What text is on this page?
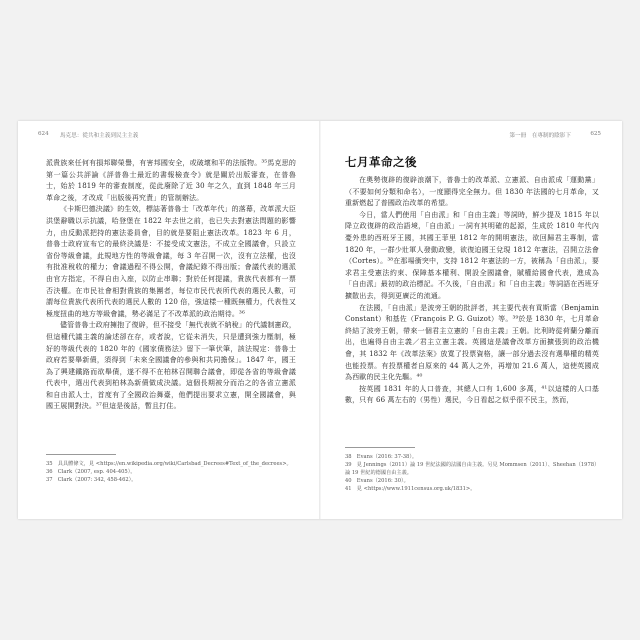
624 馬克思：從共和主義到民主主義

派貴族來任何有損邦聯榮譽，有害邦國安全，或破壞和平的法版物。³⁵馬克思的第一篇公共評論《評普魯士最近的書報檢查令》就是關於出版審查，在普魯士，始於 1819 年的審查制度，從此廢除了近 30 年之久，直到 1848 年三月革命之後，才改成「出版後再究責」的管制辦法。

《卡斯巴德決議》的生效，標誌著普魯士「改革年代」的落幕，改革派大臣洪堡辭職以示抗議，哈登堡在 1822 年去世之前，也已失去對憲法問題的影響力，由反動派把持的憲法委員會，目的就是要阻止憲法改革。1823 年 6 月，普魯士政府宣布它的最終決議是：不接受成文憲法，不成立全國議會，只設立省份等級會議，此規地方性的等級會議，每 3 年召開一次，沒有立法權，也沒有批准稅收的權力；會議過程不得公開，會議紀錄不得出版；會議代表的選派由官方指定，不得自由入座，以防止串聯；對於任何提議，貴族代表都有一票否決權。在市民社會相對貴族的集團者，每位市民代表所代表的選民人數，可謂每位貴族代表所代表的選民人數的 120 倍，強這樣一種既無權力，代表性又極度扭曲的地方等級會議，勢必滿足了不改革派的政治期待。³⁶

儘管普魯士政府擁抱了復辟，但不接受「無代表就不納稅」的代議制憲政，但這種代議主義的論述卻在存，或者說，它從未消失，只是遭到強力壓制，極好的等級代表的 1820 年的《國家債務法》留下一筆伏筆，該法規定：普魯士政府若要舉新債，須得到「未來全國議會的參與和共同擔保」。1847 年，國王為了興建鐵路而欲舉債，遂不得不在柏林召開聯合議會，即從各省的等級會議代表中，選出代表到柏林為新債做成決議。這個長期被分而治之的各省立憲派和自由派人士，首度有了全國政治舞臺，他們提出要求立憲，開全國議會，與國王展開對決。³⁷但這是後話，暫且打住。

35　具具體條文，見 <https://en.wikipedia.org/wiki/Carlsbad_Decrees#Text_of_the_decrees>。

36　Clark（2007, esp. 404-405）。

37　Clark（2007: 342, 458-462）。

第一冊　在專制的陰影下	625
七月革命之後

在奧勢復辟的復辟浪潮下，普魯士的改革派、立憲派、自由派成「運動黨」（不要如何分類和命名），一度顯得完全無力。但 1830 年法國的七月革命，又重新燃起了普國政治改革的希望。

今日，當人們使用「自由派」和「自由主義」等詞時，鮮少提及 1815 年以降立政復辟的政治語境，「自由派」一詞有其明確的起源，生成於 1810 年代內憂外患的西班牙王國，其國王菲里 1812 年的開明憲法，欲回歸君主專制，當 1820 年，一群少壯軍人發動政變，欲復迫國王兌現 1812 年憲法，召開立法會（Cortes）。³⁸在那場衝突中，支持 1812 年憲法的一方，被稱為「自由派」，要求君主受憲法約束、保障基本權利、開設全國議會，賦權給國會代表，進成為「自由派」最初的政治標記。不久後，「自由派」和「自由主義」等詞語在西班牙擴散出去，得到更廣泛的流通。

在法國，「自由派」是波旁王朝的批評者，其主要代表有貢斯當（Benjamin Constant）和基佐（François P. G. Guizot）等。³⁹於是 1830 年，七月革命終結了波旁王朝，帶來一個君主立憲的「自由主義」王朝。比利時從荷蘭分離而出，也遍得自由主義／君主立憲主義。英國這是議會改革方面擴張到的政治機會，其 1832 年《改革法案》放寬了投票資格，讓一部分過去沒有選舉權的精英也能投票。有投票權者自原來的 44 萬人之外，再增加 21.6 萬人，這使英國成為西歐的民主化先驅。⁴⁰

按英國 1831 年的人口普查，其總人口有 1,600 多萬，⁴¹以這樣的人口基數，只有 66 萬左右的（男性）選民，今日看起之似乎很不民主，然而，

38　Evans（2016: 37-38）。

39　見 Jennings（2011）論 19 世紀法國的法國自由主義。另見 Mommsen（2011）、Sheehan（1978）論 19 世紀的德國自由主義。

40　Evans（2016: 30）。

41　見 <https://www.1911census.org.uk/1831>。
